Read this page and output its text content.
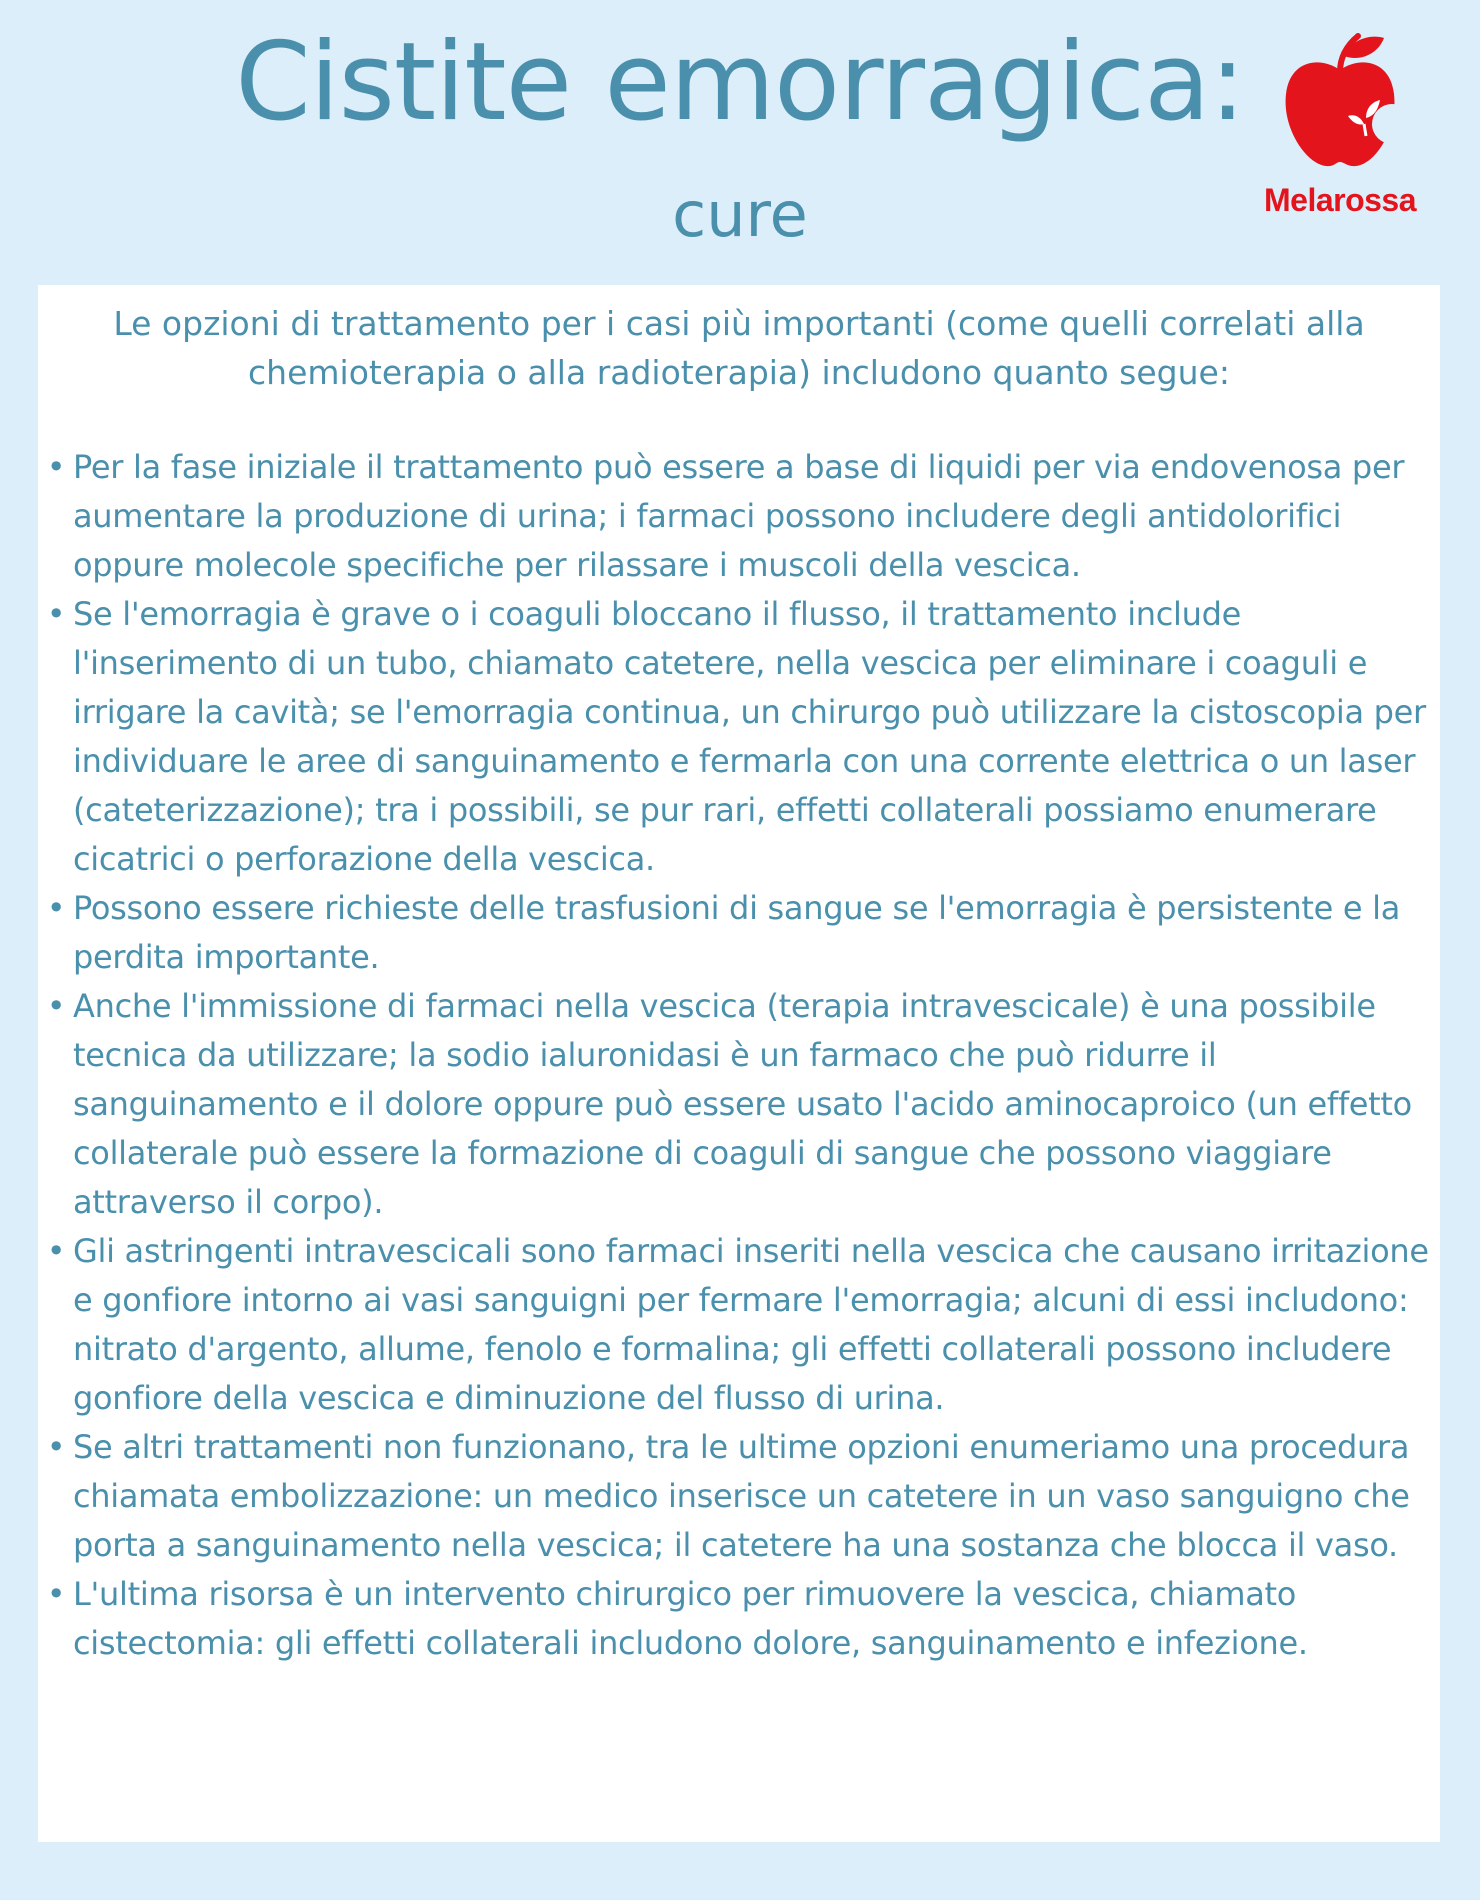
Cistite emorragica:
cure	Melarossa

Le opzioni di trattamento per i casi più importanti (come quelli correlati alla chemioterapia o alla radioterapia) includono quanto segue:

• Per la fase iniziale il trattamento può essere a base di liquidi per via endovenosa per aumentare la produzione di urina; i farmaci possono includere degli antidolorifici oppure molecole specifiche per rilassare i muscoli della vescica.
• Se l'emorragia è grave o i coaguli bloccano il flusso, il trattamento include l'inserimento di un tubo, chiamato catetere, nella vescica per eliminare i coaguli e irrigare la cavità; se l'emorragia continua, un chirurgo può utilizzare la cistoscopia per individuare le aree di sanguinamento e fermarla con una corrente elettrica o un laser (cateterizzazione); tra i possibili, se pur rari, effetti collaterali possiamo enumerare cicatrici o perforazione della vescica.
• Possono essere richieste delle trasfusioni di sangue se l'emorragia è persistente e la perdita importante.
• Anche l'immissione di farmaci nella vescica (terapia intravescicale) è una possibile tecnica da utilizzare; la sodio ialuronidasi è un farmaco che può ridurre il sanguinamento e il dolore oppure può essere usato l'acido aminocaproico (un effetto collaterale può essere la formazione di coaguli di sangue che possono viaggiare attraverso il corpo).
• Gli astringenti intravescicali sono farmaci inseriti nella vescica che causano irritazione e gonfiore intorno ai vasi sanguigni per fermare l'emorragia; alcuni di essi includono: nitrato d'argento, allume, fenolo e formalina; gli effetti collaterali possono includere gonfiore della vescica e diminuzione del flusso di urina.
• Se altri trattamenti non funzionano, tra le ultime opzioni enumeriamo una procedura chiamata embolizzazione: un medico inserisce un catetere in un vaso sanguigno che porta a sanguinamento nella vescica; il catetere ha una sostanza che blocca il vaso.
• L'ultima risorsa è un intervento chirurgico per rimuovere la vescica, chiamato cistectomia: gli effetti collaterali includono dolore, sanguinamento e infezione.
